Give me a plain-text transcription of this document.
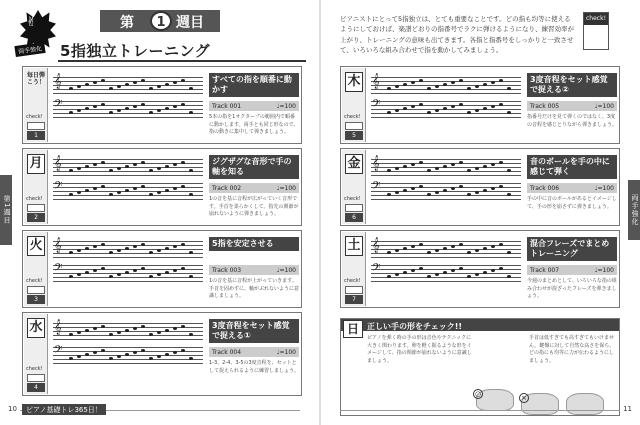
第1週目	両手強化
✌
両手強化
第	1 週目
5指独立トレーニング
毎日弾こう！
check!
1
𝄞
𝄢
すべての指を順番に動かす
Track 001	♩=100
5本の指を1オクターブの範囲内で順番に動かします。両手とも同じ形なので、指の動きに集中して弾きましょう。
月
check!
2
𝄞
𝄢
ジグザグな音形で手の軸を知る
Track 002	♩=100
1の音を基に音程が広がっていく音形です。手首を柔らかくして、指先の関節が崩れないように弾きましょう。
火
check!
3
𝄞
𝄢
5指を安定させる
Track 003	♩=100
1の音を基に音程が上がっていきます。手首を固めずに、軸がぶれないように意識しましょう。
水
check!
4
𝄞
𝄢
3度音程をセット感覚で捉える①
Track 004	♩=100
1-3、2-4、3-5の3度音程を、セットとして捉えられるように練習しましょう。
木
check!
5
𝄞
𝄢
3度音程をセット感覚で捉える②
Track 005	♩=100
指番号だけを見て弾くのではなく、3度の音程を感じとりながら弾きましょう。
金
check!
6
𝄞
𝄢
音のボールを手の中に感じて弾く
Track 006	♩=100
手の中に音のボールがあるとイメージして、手の形を崩さずに弾きましょう。
土
check!
7
𝄞
𝄢
混合フレーズでまとめトレーニング
Track 007	♩=100
今週のまとめとして、いろいろな指の組み合わせが混ざったフレーズを弾きましょう。
ピアニストにとって5指独立は、とても重要なことです。どの指も均等に使えるようにしておけば、楽譜どおりの指番号でラクに弾けるようになり、練習効率が上がり、トレーニングの意味も出てきます。各指と指番号をしっかりと一致させて、いろいろな組み合わせで指を動かしてみましょう。
check!
正しい手の形をチェック!!
日
ピアノを弾く時の手の形は音色やテクニックに大きく関わります。卵を軽く握るような形をイメージして、指の関節が崩れないように意識しましょう。
手首は低すぎても高すぎてもいけません。鍵盤に対して自然な高さを保ち、どの指にも均等に力が伝わるようにしましょう。
○	×
ピアノ基礎トレ365日！
10	11
